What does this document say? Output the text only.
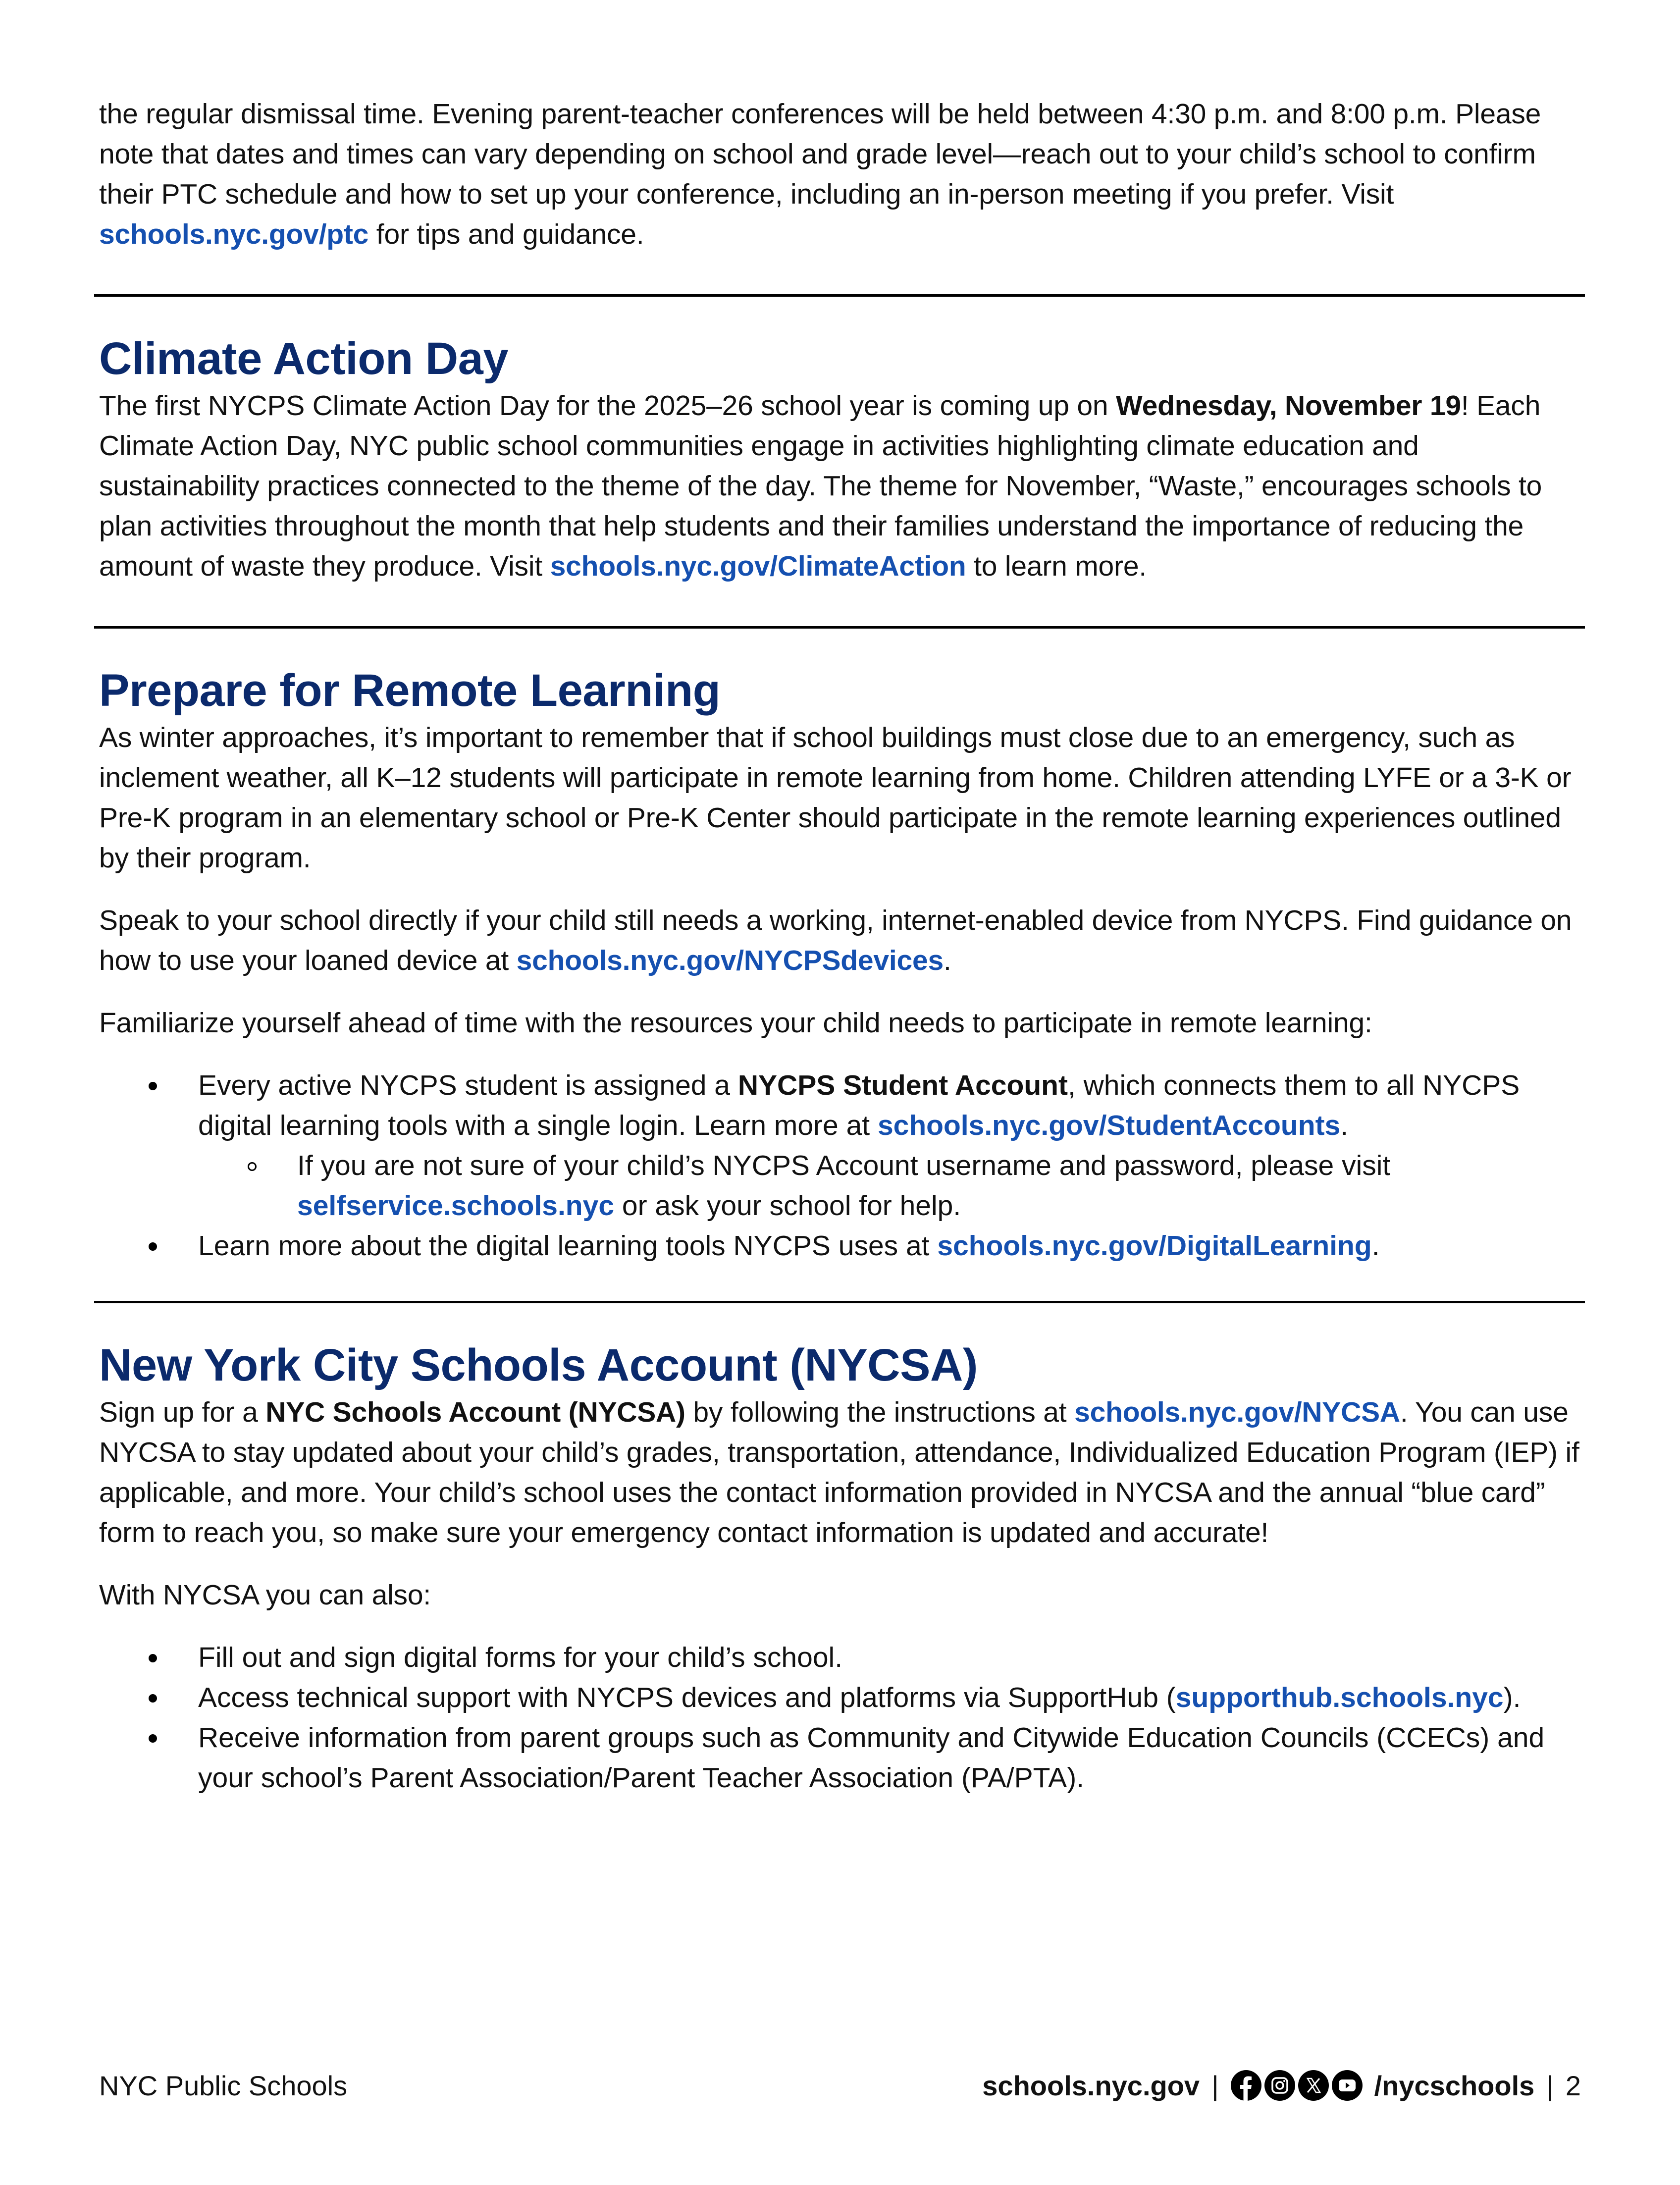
the regular dismissal time. Evening parent-teacher conferences will be held between 4:30 p.m. and 8:00 p.m. Please note that dates and times can vary depending on school and grade level—reach out to your child’s school to confirm their PTC schedule and how to set up your conference, including an in-person meeting if you prefer. Visit schools.nyc.gov/ptc for tips and guidance.

Climate Action Day

The first NYCPS Climate Action Day for the 2025–26 school year is coming up on Wednesday, November 19! Each Climate Action Day, NYC public school communities engage in activities highlighting climate education and sustainability practices connected to the theme of the day. The theme for November, “Waste,” encourages schools to plan activities throughout the month that help students and their families understand the importance of reducing the amount of waste they produce. Visit schools.nyc.gov/ClimateAction to learn more.

Prepare for Remote Learning

As winter approaches, it’s important to remember that if school buildings must close due to an emergency, such as inclement weather, all K–12 students will participate in remote learning from home. Children attending LYFE or a 3-K or Pre-K program in an elementary school or Pre-K Center should participate in the remote learning experiences outlined by their program.

Speak to your school directly if your child still needs a working, internet-enabled device from NYCPS. Find guidance on how to use your loaned device at schools.nyc.gov/NYCPSdevices.

Familiarize yourself ahead of time with the resources your child needs to participate in remote learning:

Every active NYCPS student is assigned a NYCPS Student Account, which connects them to all NYCPS digital learning tools with a single login. Learn more at schools.nyc.gov/StudentAccounts.
If you are not sure of your child’s NYCPS Account username and password, please visit selfservice.schools.nyc or ask your school for help.
Learn more about the digital learning tools NYCPS uses at schools.nyc.gov/DigitalLearning.
New York City Schools Account (NYCSA)

Sign up for a NYC Schools Account (NYCSA) by following the instructions at schools.nyc.gov/NYCSA. You can use NYCSA to stay updated about your child’s grades, transportation, attendance, Individualized Education Program (IEP) if applicable, and more. Your child’s school uses the contact information provided in NYCSA and the annual “blue card” form to reach you, so make sure your emergency contact information is updated and accurate!

With NYCSA you can also:

Fill out and sign digital forms for your child’s school.
Access technical support with NYCPS devices and platforms via SupportHub (supporthub.schools.nyc).
Receive information from parent groups such as Community and Citywide Education Councils (CCECs) and your school’s Parent Association/Parent Teacher Association (PA/PTA).
NYC Public Schools	schools.nyc.gov |	/nycschools | 2
